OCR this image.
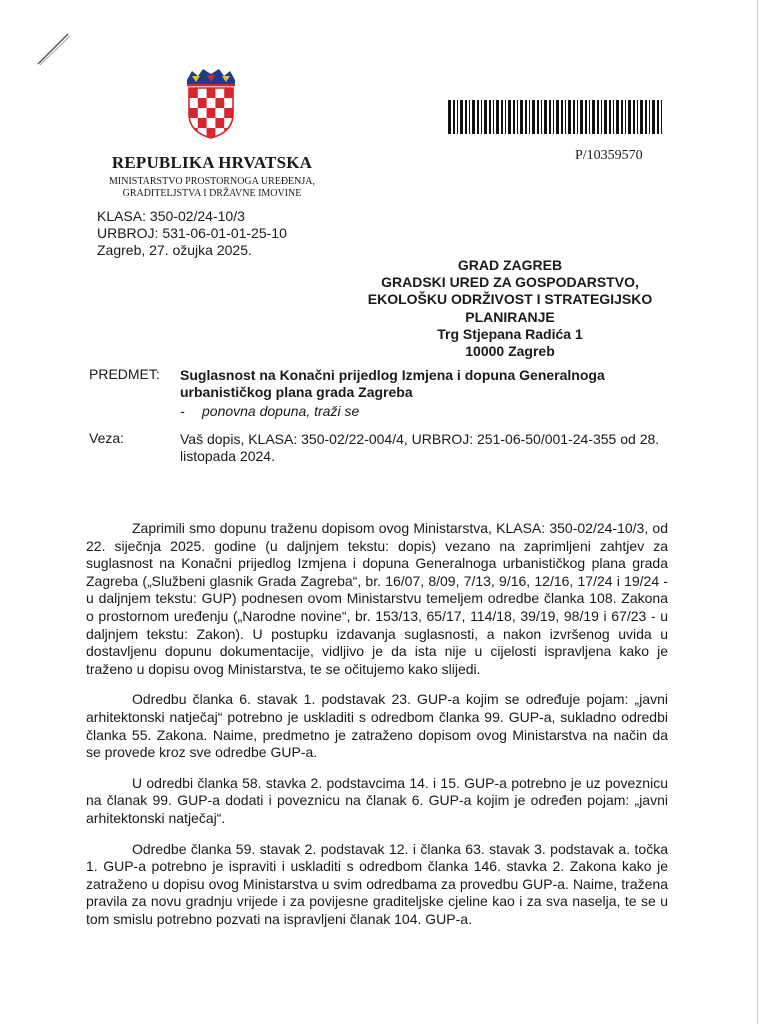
P/10359570
REPUBLIKA HRVATSKA
MINISTARSTVO PROSTORNOGA UREĐENJA,
GRADITELJSTVA I DRŽAVNE IMOVINE
KLASA: 350-02/24-10/3
URBROJ: 531-06-01-01-25-10
Zagreb, 27. ožujka 2025.
GRAD ZAGREB
GRADSKI URED ZA GOSPODARSTVO,
EKOLOŠKU ODRŽIVOST I STRATEGIJSKO
PLANIRANJE
Trg Stjepana Radića 1
10000 Zagreb
PREDMET: Suglasnost na Konačni prijedlog Izmjena i dopuna Generalnoga urbanističkog plana grada Zagreba
- ponovna dopuna, traži se
Veza:	Vaš dopis, KLASA: 350-02/22-004/4, URBROJ: 251-06-50/001-24-355 od 28. listopada 2024.

Zaprimili smo dopunu traženu dopisom ovog Ministarstva, KLASA: 350-02/24-10/3, od 22. siječnja 2025. godine (u daljnjem tekstu: dopis) vezano na zaprimljeni zahtjev za suglasnost na Konačni prijedlog Izmjena i dopuna Generalnoga urbanističkog plana grada Zagreba („Službeni glasnik Grada Zagreba“, br. 16/07, 8/09, 7/13, 9/16, 12/16, 17/24 i 19/24 - u daljnjem tekstu: GUP) podnesen ovom Ministarstvu temeljem odredbe članka 108. Zakona o prostornom uređenju („Narodne novine“, br. 153/13, 65/17, 114/18, 39/19, 98/19 i 67/23 - u daljnjem tekstu: Zakon). U postupku izdavanja suglasnosti, a nakon izvršenog uvida u dostavljenu dopunu dokumentacije, vidljivo je da ista nije u cijelosti ispravljena kako je traženo u dopisu ovog Ministarstva, te se očitujemo kako slijedi.

Odredbu članka 6. stavak 1. podstavak 23. GUP-a kojim se određuje pojam: „javni arhitektonski natječaj“ potrebno je uskladiti s odredbom članka 99. GUP-a, sukladno odredbi članka 55. Zakona. Naime, predmetno je zatraženo dopisom ovog Ministarstva na način da se provede kroz sve odredbe GUP-a.

U odredbi članka 58. stavka 2. podstavcima 14. i 15. GUP-a potrebno je uz poveznicu na članak 99. GUP-a dodati i poveznicu na članak 6. GUP-a kojim je određen pojam: „javni arhitektonski natječaj“.

Odredbe članka 59. stavak 2. podstavak 12. i članka 63. stavak 3. podstavak a. točka 1. GUP-a potrebno je ispraviti i uskladiti s odredbom članka 146. stavka 2. Zakona kako je zatraženo u dopisu ovog Ministarstva u svim odredbama za provedbu GUP-a. Naime, tražena pravila za novu gradnju vrijede i za povijesne graditeljske cjeline kao i za sva naselja, te se u tom smislu potrebno pozvati na ispravljeni članak 104. GUP-a.
